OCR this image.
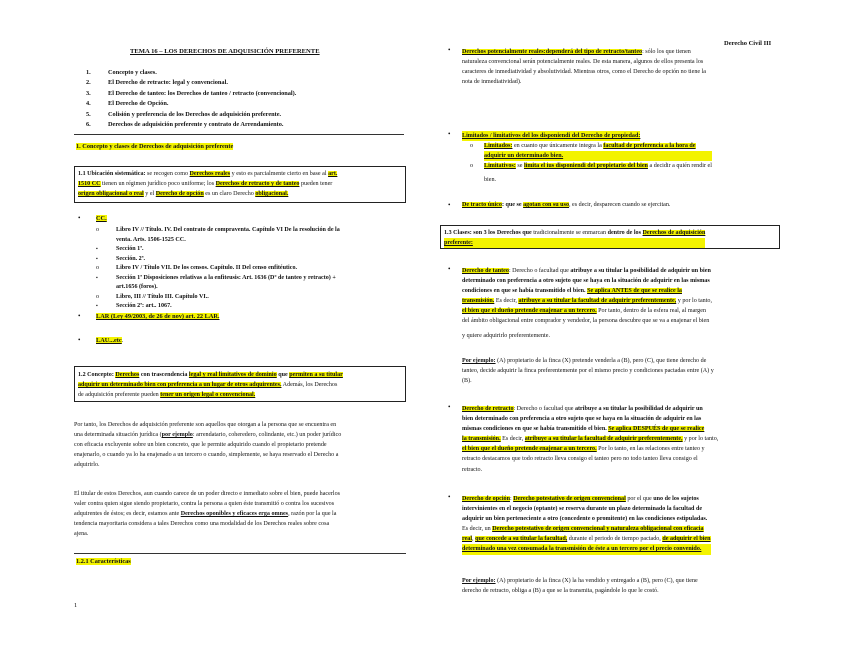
Derecho Civil III
TEMA 16 – LOS DERECHOS DE ADQUISICIÓN PREFERENTE
1.	Concepto y clases.
2.	El Derecho de retracto: legal y convencional.
3.	El Derecho de tanteo: los Derechos de tanteo / retracto (convencional).
4.	El Derecho de Opción.
5.	Colisión y preferencia de los Derechos de adquisición preferente.
6.	Derechos de adquisición preferente y contrato de Arrendamiento.
1. Concepto y clases de Derechos de adquisición preferente
1.1 Ubicación sistemática: se recogen como Derechos reales y esto es parcialmente cierto en base al art.
1510 CC tienen un régimen jurídico poco uniforme; los Derechos de retracto y de tanteo pueden tener
origen obligacional o real y el Derecho de opción es un claro Derecho obligacional.
• CC.
o	Libro IV // Título. IV. Del contrato de compraventa. Capítulo VI De la resolución de la
venta. Arts. 1506-1525 CC.
▪	Sección 1ª.
▪	Sección. 2ª.
o	Libro IV / Título VII. De los censos. Capítulo. II Del censo enfitéutico.
▪	Sección 1ª Disposiciones relativas a la enfiteusis: Art. 1636 (Dº de tanteo y retracto) +
art.1656 (foros).
o	Libro, III // Título III. Capítulo VI..
▪	Sección 2ª: art.. 1067.
• LAR (Ley 49/2003, de 26 de nov) art. 22 LAR.
• LAU...etc.
1.2 Concepto: Derechos con trascendencia legal y real limitativos de dominio que permiten a su titular
adquirir un determinado bien con preferencia a un lugar de otros adquirentes. Además, los Derechos
de adquisición preferente pueden tener un origen legal o convencional.
Por tanto, los Derechos de adquisición preferente son aquellos que otorgan a la persona que se encuentra en
una determinada situación jurídica (por ejemplo: arrendatario, coheredero, colindante, etc.) un poder jurídico
con eficacia excluyente sobre un bien concreto, que le permite adquirido cuando el propietario pretende
enajenarlo, o cuando ya lo ha enajenado a un tercero o cuando, simplemente, se haya reservado el Derecho a
adquirirlo.
El titular de estos Derechos, aun cuando carece de un poder directo e inmediato sobre el bien, puede hacerlos
valer contra quien sigue siendo propietario, contra la persona a quien éste transmitió o contra los sucesivos
adquirentes de éstos; es decir, estamos ante Derechos oponibles y eficaces erga omnes, razón por la que la
tendencia mayoritaria considera a tales Derechos como una modalidad de los Derechos reales sobre cosa
ajena.
1.2.1 Características
1
• Derechos potencialmente reales:dependerá del tipo de retracto/tanteo: sólo los que tienen
naturaleza convencional serán potencialmente reales. De esta manera, algunos de ellos presenta los
caracteres de inmediatividad y absolutividad. Mientras otros, como el Derecho de opción no tiene la
nota de inmediatividad).
• Limitados / limitativos del los disponiendi del Derecho de propiedad:
o Limitados: en cuanto que únicamente integra la facultad de preferencia a la hora de
adquirir un determinado bien.
o Limitativos: se limita el ius disponiendi del propietario del bien a decidir a quién rendir el
bien.
• De tracto único: que se agotan con su uso, es decir, desparecen cuando se ejercitan.
1.3 Clases: son 3 los Derechos que tradicionalmente se enmarcan dentro de los Derechos de adquisición
preferente:
• Derecho de tanteo: Derecho o facultad que atribuye a su titular la posibilidad de adquirir un bien
determinado con preferencia a otro sujeto que se haya en la situación de adquirir en las mismas
condiciones en que se había transmitido el bien. Se aplica ANTES de que se realice la
transmisión. Es decir, atribuye a su titular la facultad de adquirir preferentemente, y por lo tanto,
el bien que el dueño pretende enajenar a un tercero. Por tanto, dentro de la esfera real, al margen
del ámbito obligacional entre comprador y vendedor, la persona descubre que se va a enajenar el bien
y quiere adquirirlo preferentemente.
Por ejemplo: (A) propietario de la finca (X) pretende venderla a (B), pero (C), que tiene derecho de
tanteo, decide adquirir la finca preferentemente por el mismo precio y condiciones pactadas entre (A) y
(B).
• Derecho de retracto: Derecho o facultad que atribuye a su titular la posibilidad de adquirir un
bien determinado con preferencia a otro sujeto que se haya en la situación de adquirir en las
mismas condiciones en que se había transmitido el bien. Se aplica DESPUÉS de que se realice
la transmisión. Es decir, atribuye a su titular la facultad de adquirir preferentemente, y por lo tanto,
el bien que el dueño pretende enajenar a un tercero. Por lo tanto, en las relaciones entre tanteo y
retracto destacamos que todo retracto lleva consigo el tanteo pero no todo tanteo lleva consigo el
retracto.
• Derecho de opción: Derecho potestativo de origen convencional por el que uno de los sujetos
intervinientes en el negocio (optante) se reserva durante un plazo determinado la facultad de
adquirir un bien perteneciente a otro (concedente o promitente) en las condiciones estipuladas.
Es decir, un Derecho potestativo de origen convencional y naturaleza obligacional con eficacia
real, que concede a su titular la facultad, durante el periodo de tiempo pactado, de adquirir el bien
determinado una vez consumada la transmisión de éste a un tercero por el precio convenido.
Por ejemplo: (A) propietario de la finca (X) la ha vendido y entregado a (B), pero (C), que tiene
derecho de retracto, obliga a (B) a que se la transmita, pagándole lo que le costó.
